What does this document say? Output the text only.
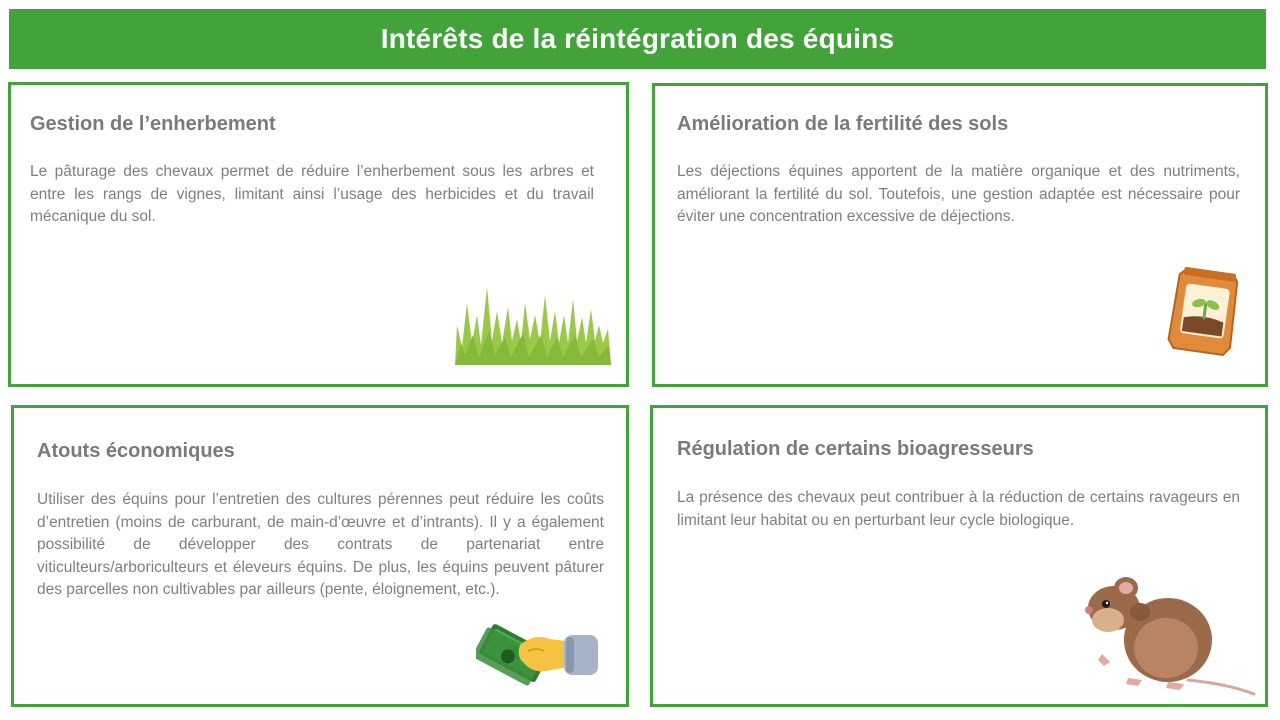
Intérêts de la réintégration des équins
Gestion de l’enherbement
Le pâturage des chevaux permet de réduire l’enherbement sous les arbres et entre les rangs de vignes, limitant ainsi l’usage des herbicides et du travail mécanique du sol.
Amélioration de la fertilité des sols
Les déjections équines apportent de la matière organique et des nutriments, améliorant la fertilité du sol. Toutefois, une gestion adaptée est nécessaire pour éviter une concentration excessive de déjections.
Atouts économiques
Utiliser des équins pour l’entretien des cultures pérennes peut réduire les coûts d’entretien (moins de carburant, de main-d’œuvre et d’intrants). Il y a également possibilité de développer des contrats de partenariat entre viticulteurs/arboriculteurs et éleveurs équins. De plus, les équins peuvent pâturer des parcelles non cultivables par ailleurs (pente, éloignement, etc.).
Régulation de certains bioagresseurs
La présence des chevaux peut contribuer à la réduction de certains ravageurs en limitant leur habitat ou en perturbant leur cycle biologique.
